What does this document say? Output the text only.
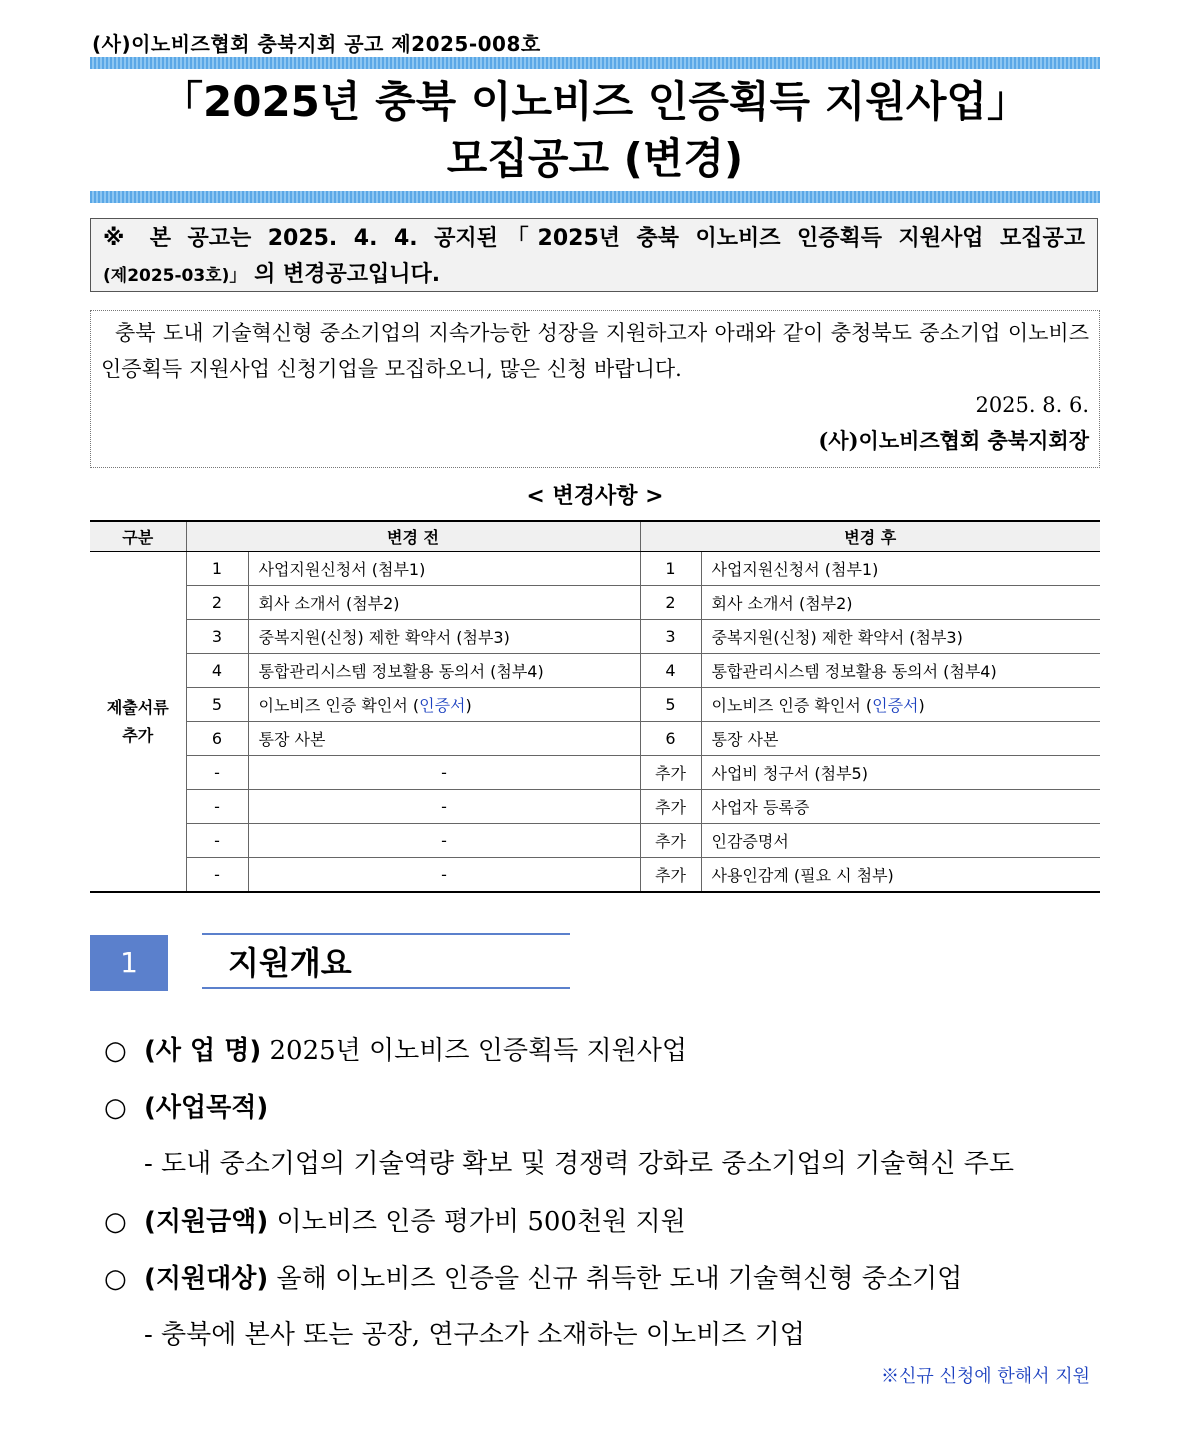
(사)이노비즈협회 충북지회 공고 제2025-008호
「2025년 충북 이노비즈 인증획득 지원사업」
모집공고 (변경)
※ 본 공고는 2025. 4. 4. 공지된「2025년 충북 이노비즈 인증획득 지원사업 모집공고
(제2025-03호)」 의 변경공고입니다.
충북 도내 기술혁신형 중소기업의 지속가능한 성장을 지원하고자 아래와 같이 충청북도 중소기업 이노비즈 인증획득 지원사업 신청기업을 모집하오니, 많은 신청 바랍니다.
2025. 8. 6.
(사)이노비즈협회 충북지회장
< 변경사항 >
구분	변경 전		변경 후	

제출서류
추가	1	사업지원신청서 (첨부1)	1	사업지원신청서 (첨부1)
	2	회사 소개서 (첨부2)	2	회사 소개서 (첨부2)
	3	중복지원(신청) 제한 확약서 (첨부3)	3	중복지원(신청) 제한 확약서 (첨부3)
	4	통합관리시스템 정보활용 동의서 (첨부4)	4	통합관리시스템 정보활용 동의서 (첨부4)
	5	이노비즈 인증 확인서 (인증서)	5	이노비즈 인증 확인서 (인증서)
	6	통장 사본	6	통장 사본
	-	-	추가	사업비 청구서 (첨부5)
	-	-	추가	사업자 등록증
	-	-	추가	인감증명서
	-	-	추가	사용인감계 (필요 시 첨부)
1	지원개요
○ (사 업 명) 2025년 이노비즈 인증획득 지원사업
○ (사업목적)
- 도내 중소기업의 기술역량 확보 및 경쟁력 강화로 중소기업의 기술혁신 주도
○ (지원금액) 이노비즈 인증 평가비 500천원 지원
○ (지원대상) 올해 이노비즈 인증을 신규 취득한 도내 기술혁신형 중소기업
- 충북에 본사 또는 공장, 연구소가 소재하는 이노비즈 기업
※신규 신청에 한해서 지원
